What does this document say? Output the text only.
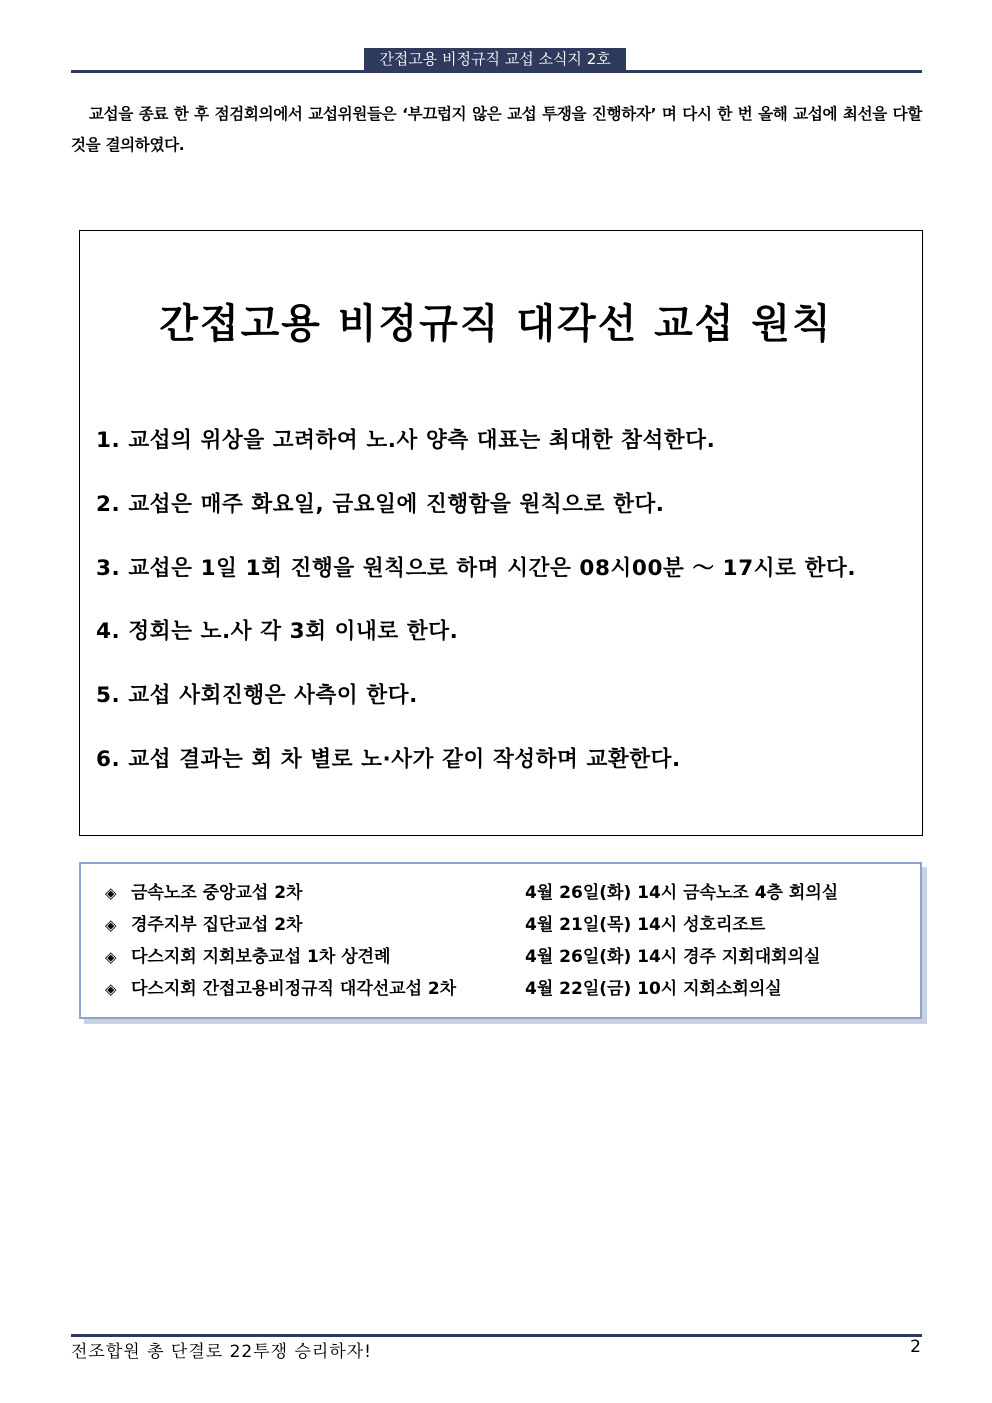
간접고용 비정규직 교섭 소식지 2호

교섭을 종료 한 후 점검회의에서 교섭위원들은 ‘부끄럽지 않은 교섭 투쟁을 진행하자’ 며 다시 한 번 올해 교섭에 최선을 다할 것을 결의하였다.

간접고용 비정규직 대각선 교섭 원칙
1. 교섭의 위상을 고려하여 노.사 양측 대표는 최대한 참석한다.
2. 교섭은 매주 화요일, 금요일에 진행함을 원칙으로 한다.
3. 교섭은 1일 1회 진행을 원칙으로 하며 시간은 08시00분 ～ 17시로 한다.
4. 정회는 노.사 각 3회 이내로 한다.
5. 교섭 사회진행은 사측이 한다.
6. 교섭 결과는 회 차 별로 노·사가 같이 작성하며 교환한다.
◈ 금속노조 중앙교섭 2차	4월 26일(화) 14시 금속노조 4층 회의실
◈ 경주지부 집단교섭 2차	4월 21일(목) 14시 성호리조트
◈ 다스지회 지회보충교섭 1차 상견례	4월 26일(화) 14시 경주 지회대회의실
◈ 다스지회 간접고용비정규직 대각선교섭 2차	4월 22일(금) 10시 지회소회의실
전조합원 총 단결로 22투쟁 승리하자!	2
